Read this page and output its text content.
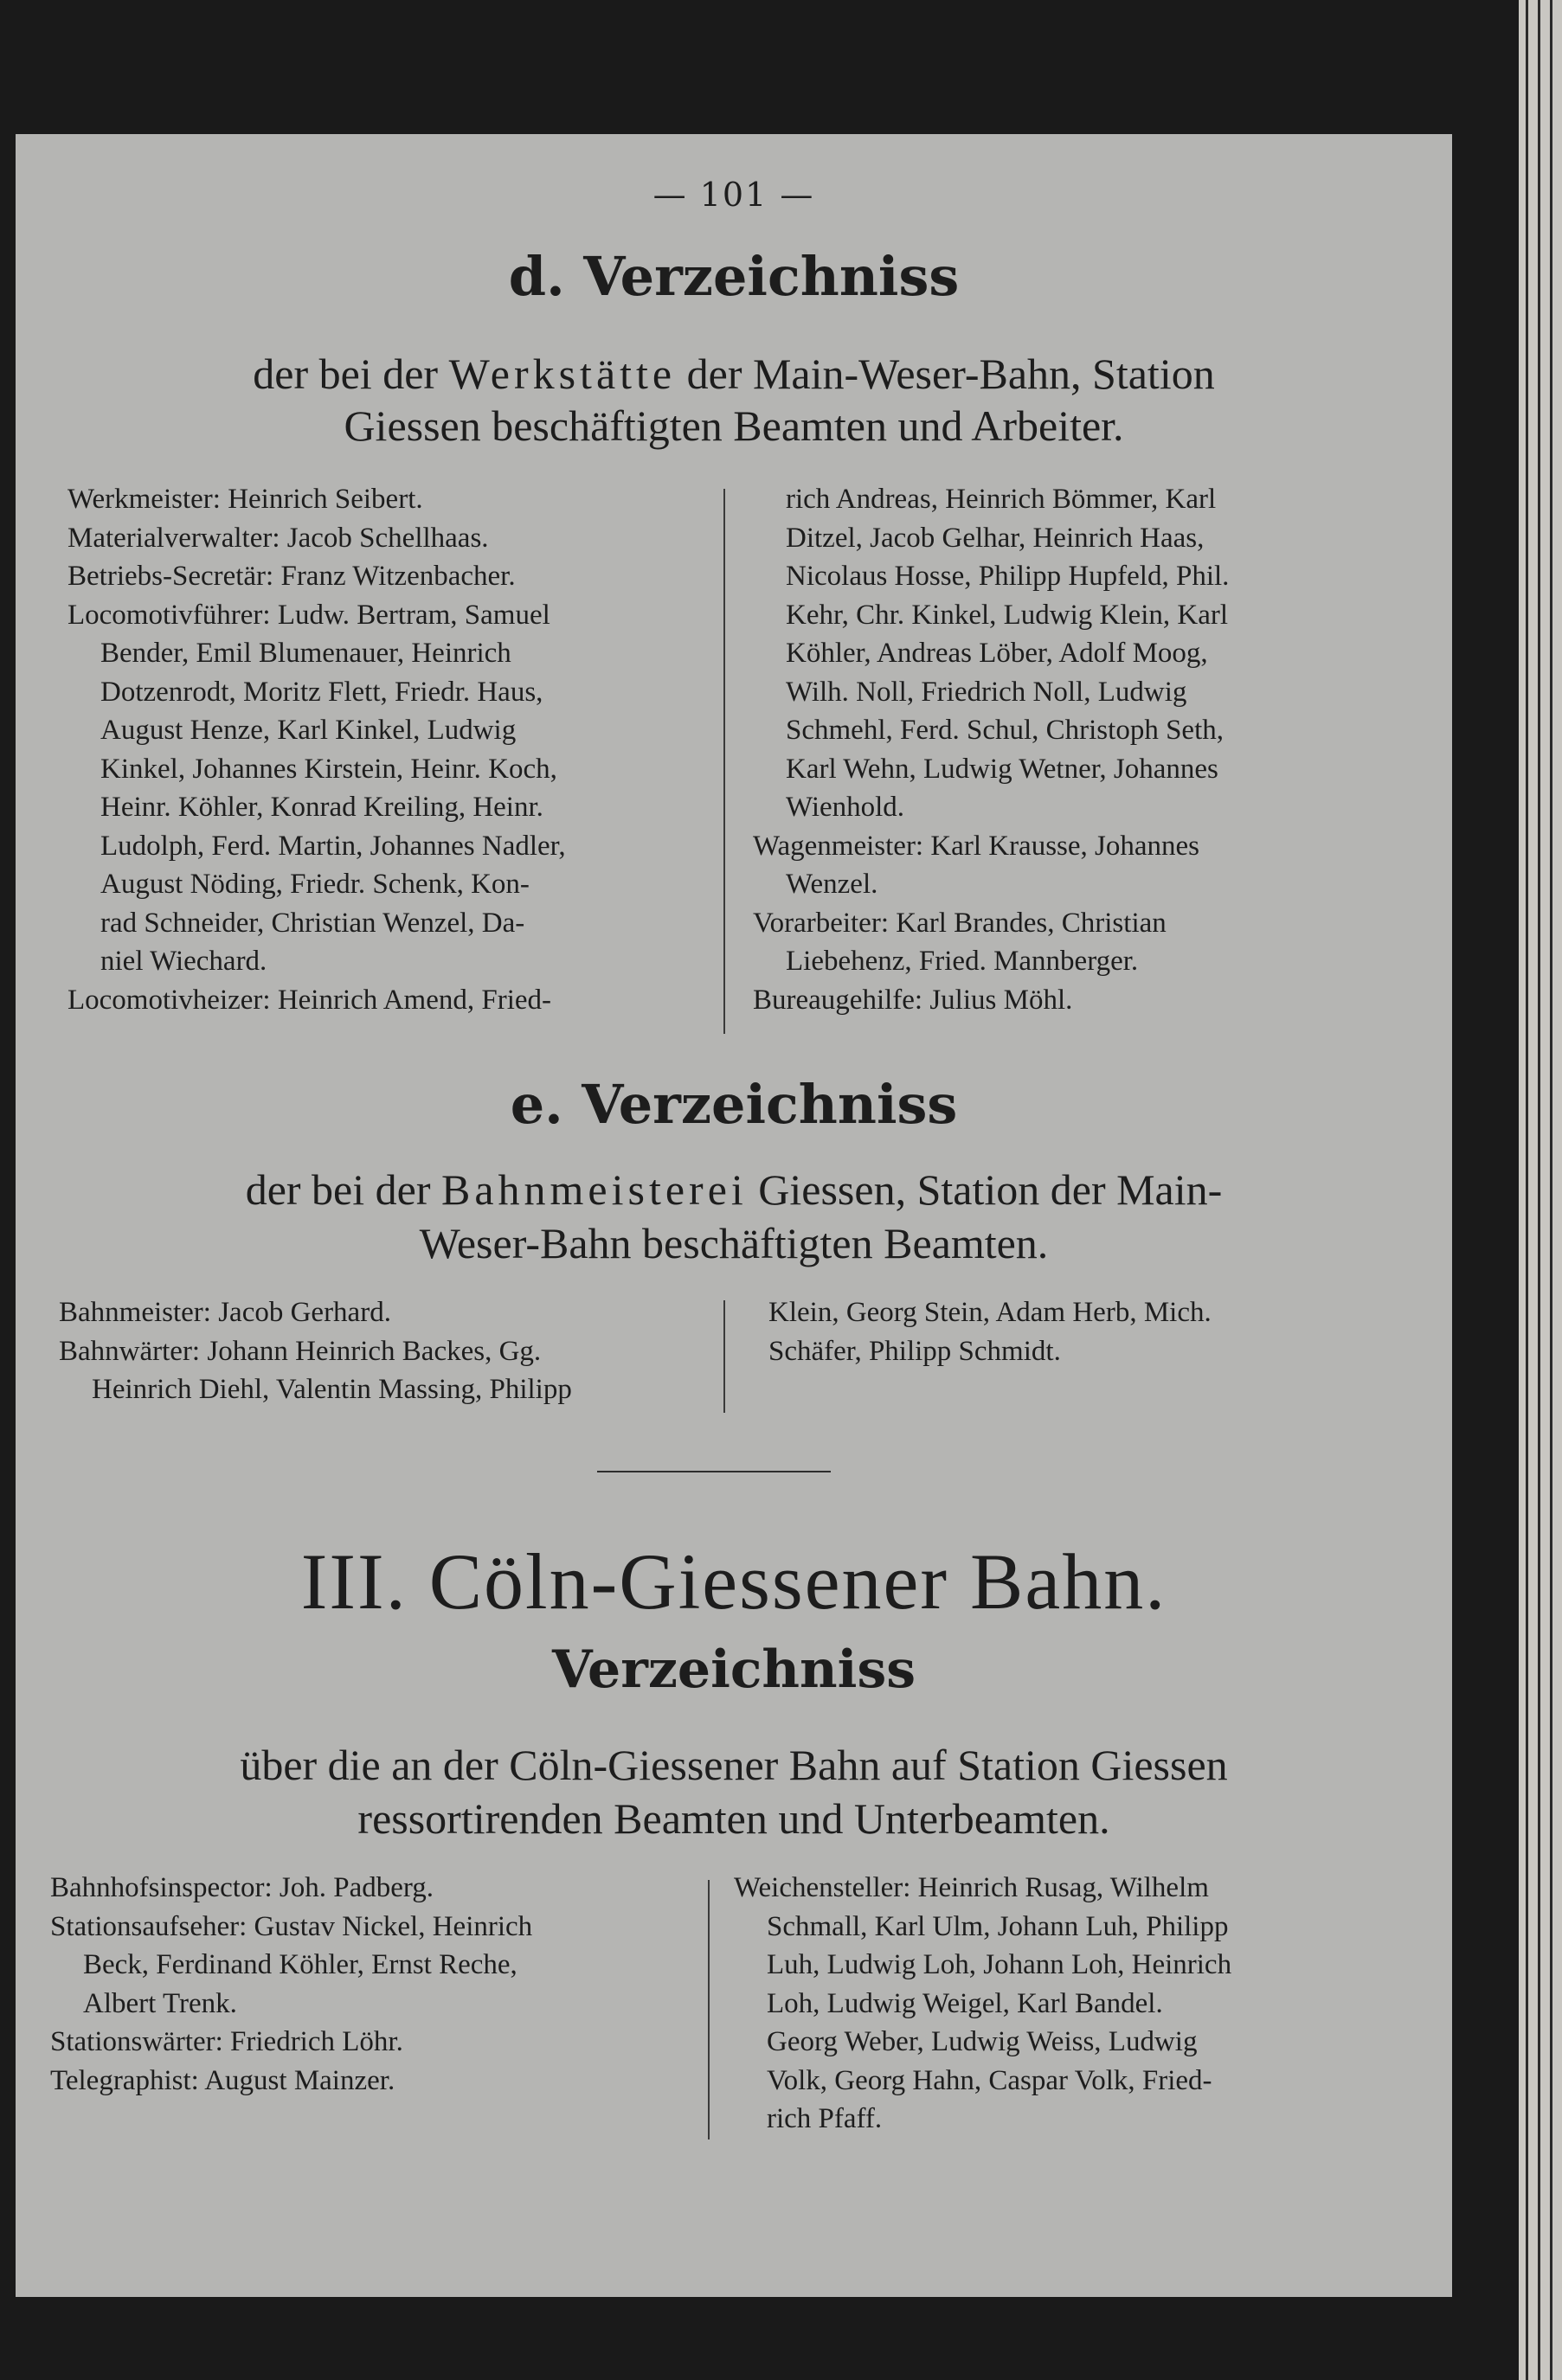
— 101 —
d. Verzeichniss
der bei der Werkstätte der Main-Weser-Bahn, Station
Giessen beschäftigten Beamten und Arbeiter.
Werkmeister: Heinrich Seibert.
Materialverwalter: Jacob Schellhaas.
Betriebs-Secretär: Franz Witzenbacher.
Locomotivführer: Ludw. Bertram, Samuel
Bender, Emil Blumenauer, Heinrich
Dotzenrodt, Moritz Flett, Friedr. Haus,
August Henze, Karl Kinkel, Ludwig
Kinkel, Johannes Kirstein, Heinr. Koch,
Heinr. Köhler, Konrad Kreiling, Heinr.
Ludolph, Ferd. Martin, Johannes Nadler,
August Nöding, Friedr. Schenk, Kon-
rad Schneider, Christian Wenzel, Da-
niel Wiechard.
Locomotivheizer: Heinrich Amend, Fried-
rich Andreas, Heinrich Bömmer, Karl
Ditzel, Jacob Gelhar, Heinrich Haas,
Nicolaus Hosse, Philipp Hupfeld, Phil.
Kehr, Chr. Kinkel, Ludwig Klein, Karl
Köhler, Andreas Löber, Adolf Moog,
Wilh. Noll, Friedrich Noll, Ludwig
Schmehl, Ferd. Schul, Christoph Seth,
Karl Wehn, Ludwig Wetner, Johannes
Wienhold.
Wagenmeister: Karl Krausse, Johannes
Wenzel.
Vorarbeiter: Karl Brandes, Christian
Liebehenz, Fried. Mannberger.
Bureaugehilfe: Julius Möhl.
e. Verzeichniss
der bei der Bahnmeisterei Giessen, Station der Main-
Weser-Bahn beschäftigten Beamten.
Bahnmeister: Jacob Gerhard.
Bahnwärter: Johann Heinrich Backes, Gg.
Heinrich Diehl, Valentin Massing, Philipp
Klein, Georg Stein, Adam Herb, Mich.
Schäfer, Philipp Schmidt.
III. Cöln-Giessener Bahn.
Verzeichniss
über die an der Cöln-Giessener Bahn auf Station Giessen
ressortirenden Beamten und Unterbeamten.
Bahnhofsinspector: Joh. Padberg.
Stationsaufseher: Gustav Nickel, Heinrich
Beck, Ferdinand Köhler, Ernst Reche,
Albert Trenk.
Stationswärter: Friedrich Löhr.
Telegraphist: August Mainzer.
Weichensteller: Heinrich Rusag, Wilhelm
Schmall, Karl Ulm, Johann Luh, Philipp
Luh, Ludwig Loh, Johann Loh, Heinrich
Loh, Ludwig Weigel, Karl Bandel.
Georg Weber, Ludwig Weiss, Ludwig
Volk, Georg Hahn, Caspar Volk, Fried-
rich Pfaff.
